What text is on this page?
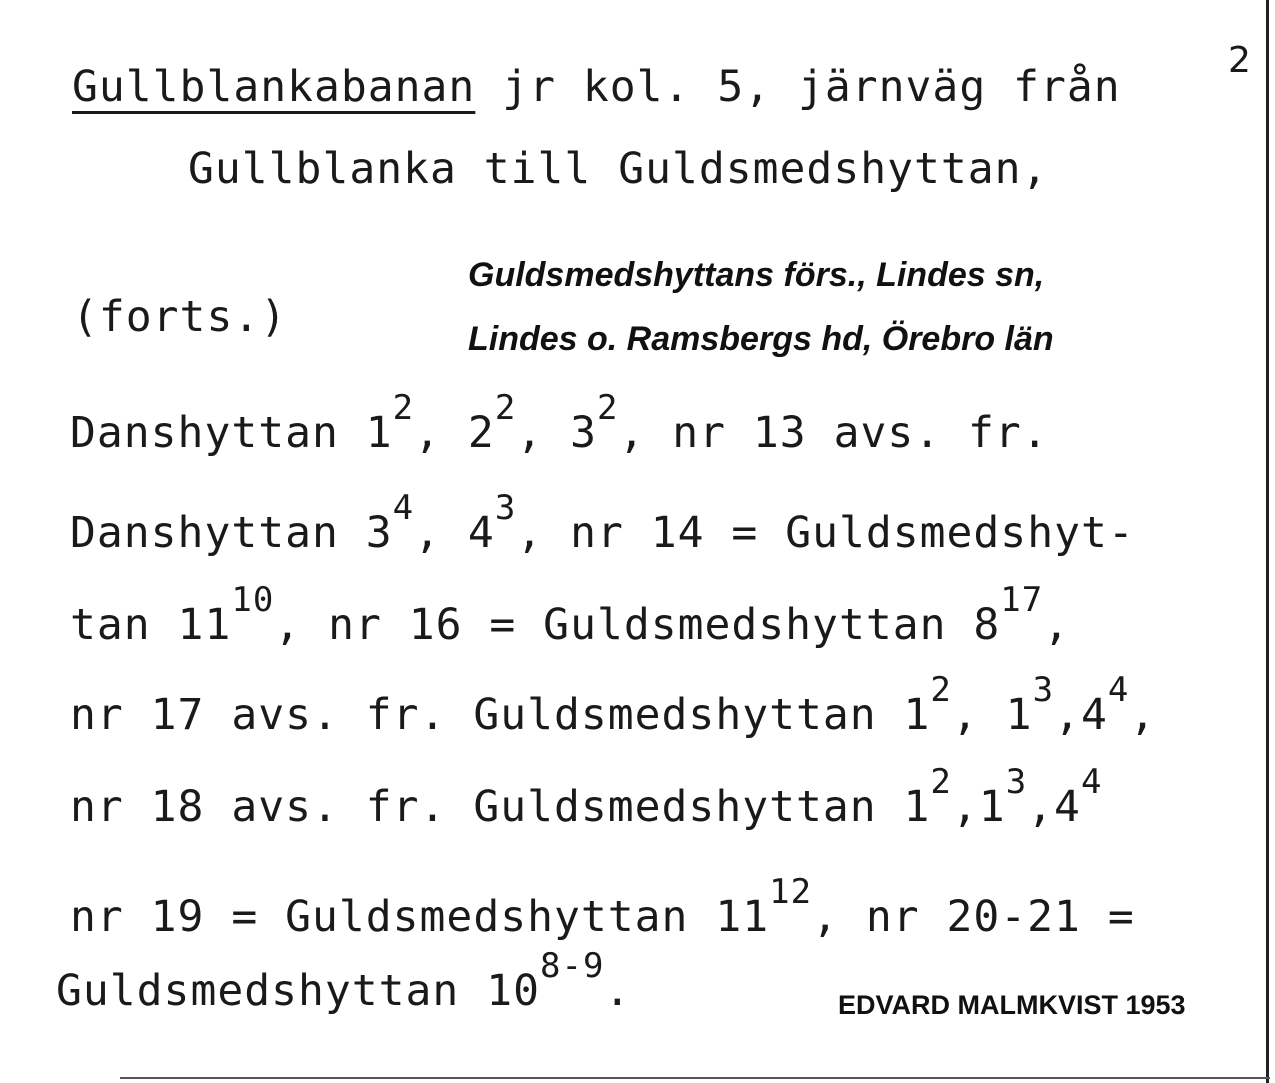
2
Gullblankabanan jr kol. 5, järnväg från
Gullblanka till Guldsmedshyttan,
(forts.)
Guldsmedshyttans förs., Lindes sn,
Lindes o. Ramsbergs hd, Örebro län
Danshyttan $1^2$, $2^2$, $3^2$, nr 13 avs. fr.
Danshyttan $3^4$, $4^3$, nr 14 = Guldsmedshyt-
$\tan 11^{10}$, nr 16 = Guldsmedshyttan $8^{17}$,
nr 17 avs. fr. Guldsmedshyttan $1^2$, $1^3,4^4$,
nr 18 avs. fr. Guldsmedshyttan $1^2,1^3,4^4$
nr 19 = Guldsmedshyttan $11^{12}$, nr 20-21 =
Guldsmedshyttan 10$^{8-9}$.	EDVARD MALMKVIST 1953
